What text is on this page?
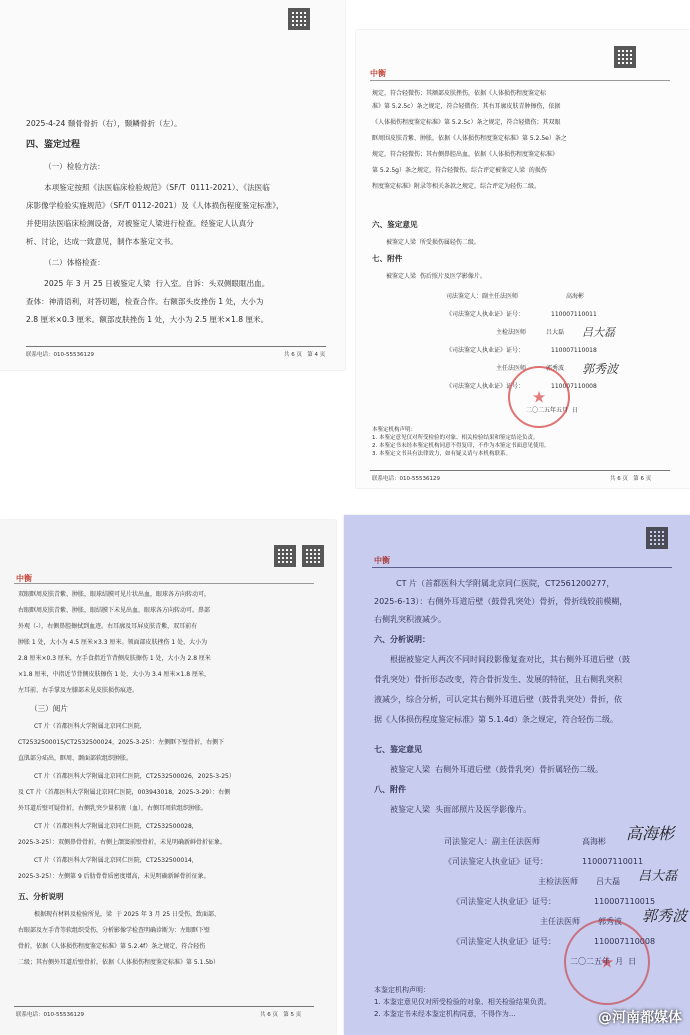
2025-4-24 颞骨骨折（右），颞鳞骨折（左）。
四、鉴定过程
（一）检验方法：
本项鉴定按照《法医临床检验规范》（SF/T  0111-2021）、《法医临
床影像学检验实施规范》（SF/T 0112-2021）及《人体损伤程度鉴定标准》，
并使用法医临床检测设备，对被鉴定人梁进行检查。经鉴定人认真分
析、讨论，达成一致意见，制作本鉴定文书。
（二）体格检查：
2025 年 3 月 25 日被鉴定人梁  行入室。自诉：头双侧眼眶出血。
查体：神清语利，对答切题，检查合作。右额部头皮挫伤 1 处，大小为
2.8 厘米×0.3 厘米。额部皮肤挫伤 1 处，大小为 2.5 厘米×1.8 厘米。
联系电话：010-55536129	共 6 页   第 4 页
中衡
规定，符合轻微伤；其额部皮肤挫伤，依据《人体损伤程度鉴定标
准》第 5.2.5c）条之规定，符合轻微伤；其右耳廓皮肤青肿擦伤，依据
《人体损伤程度鉴定标准》第 5.2.5c）条之规定，符合轻微伤；其双眼
眶周围皮肤青紫、肿胀，依据《人体损伤程度鉴定标准》第 5.2.5e）条之
规定，符合轻微伤；其右侧鼻腔出血，依据《人体损伤程度鉴定标准》
第 5.2.5g）条之规定，符合轻微伤。综合评定被鉴定人梁  的损伤
程度鉴定标准》附录等相关条款之规定，综合评定为轻伤二级。
六、鉴定意见
被鉴定人梁  所受损伤属轻伤二级。
七、附件
被鉴定人梁  伤后照片及医学影像片。
司法鉴定人：副主任法医师	高海彬
《司法鉴定人执业证》证号：	110007110011
主检法医师	吕大磊 吕大磊
《司法鉴定人执业证》证号：	110007110018
主任法医师	郭秀波 郭秀波
《司法鉴定人执业证》证号：	110007110008
★
二〇二五年五月  日
本鉴定机构声明：
1. 本鉴定意见仅对所受检验的对象、相关检验结果和鉴定结论负责。
2. 本鉴定书未经本鉴定机构同意不得复印，不作为本鉴定书面意见使用。
3. 本鉴定文书具有法律效力，如有疑义请与本机构联系。
联系电话：010-55536129	共 6 页   第 6 页
中衡
双眼眶周皮肤青紫、肿胀，眼球结膜可见片状出血，眼球各方向转动可，
右眼眶周皮肤青紫、肿胀，眼结膜下未见出血，眼球各方向转动可。鼻部
外观（-），右侧鼻腔擦拭到血迹。右耳廓及耳屏皮肤青紫，双耳前有
肿胀 1 处，大小为 4.5 厘米×3.3 厘米。领面部皮肤挫伤 1 处，大小为
2.8 厘米×0.3 厘米，左手食指近节背侧皮肤擦伤 1 处，大小为 2.8 厘米
×1.8 厘米，中指近节背侧皮肤擦伤 1 处，大小为 3.4 厘米×1.8 厘米，
左耳前、右手掌及左膝部未见皮肤损伤痕迹。
（三）阅片
CT 片（首都医科大学附属北京同仁医院，
CT2532500015/CT2532500024，2025-3-25）：左侧眶下壁骨折，右侧下
直肌部分疝出，眶周、颞面部软组织肿胀。
CT 片（首都医科大学附属北京同仁医院，CT2532500026，2025-3-25）
及 CT 片（首都医科大学附属北京同仁医院，003943018，2025-3-29）：右侧
外耳道后壁可疑骨折，右侧乳突少量积液（血），右侧耳周软组织肿胀。
CT 片（首都医科大学附属北京同仁医院，CT2532500028，
2025-3-25）：双侧鼻骨骨折，右侧上颌窦前壁骨折，未见明确新鲜骨折征象。
CT 片（首都医科大学附属北京同仁医院，CT2532500014，
2025-3-25）：左侧第 9 后肋骨骨质密度增高，未见明确新鲜骨折征象。
五、分析说明
根据现有材料及检验所见，梁  于 2025 年 3 月 25 日受伤，致面部、
右眼部及左手背等软组织受伤，分析影像学检查明确诊断为：左眼眶下壁
骨折，依据《人体损伤程度鉴定标准》第 5.2.4f）条之规定，符合轻伤
二级；其右侧外耳道后壁骨折，依据《人体损伤程度鉴定标准》第 5.1.5b）
联系电话：010-55536129	共 6 页   第 5 页
中衡
CT 片（首都医科大学附属北京同仁医院，CT2561200277，
2025-6-13）：右侧外耳道后壁（鼓骨乳突处）骨折，骨折线较前模糊，
右侧乳突积液减少。
六、分析说明：
根据被鉴定人两次不同时间段影像复查对比，其右侧外耳道后壁（鼓
骨乳突处）骨折形态改变，符合骨折发生、发展的特征，且右侧乳突积
液减少，综合分析，可认定其右侧外耳道后壁（鼓骨乳突处）骨折，依
据《人体损伤程度鉴定标准》第 5.1.4d）条之规定，符合轻伤二级。
七、鉴定意见
被鉴定人梁  右侧外耳道后壁（鼓骨乳突）骨折属轻伤二级。
八、附件
被鉴定人梁  头面部照片及医学影像片。
司法鉴定人：副主任法医师	高海彬 高海彬
《司法鉴定人执业证》证号：	110007110011
主检法医师 吕大磊 吕大磊
《司法鉴定人执业证》证号：	110007110015
主任法医师 郭秀波 郭秀波
《司法鉴定人执业证》证号：	110007110008
★
二〇二五年  月  日
本鉴定机构声明：
1. 本鉴定意见仅对所受检验的对象、相关检验结果负责。
2. 本鉴定书未经本鉴定机构同意，不得作为...	@河南都媒体
